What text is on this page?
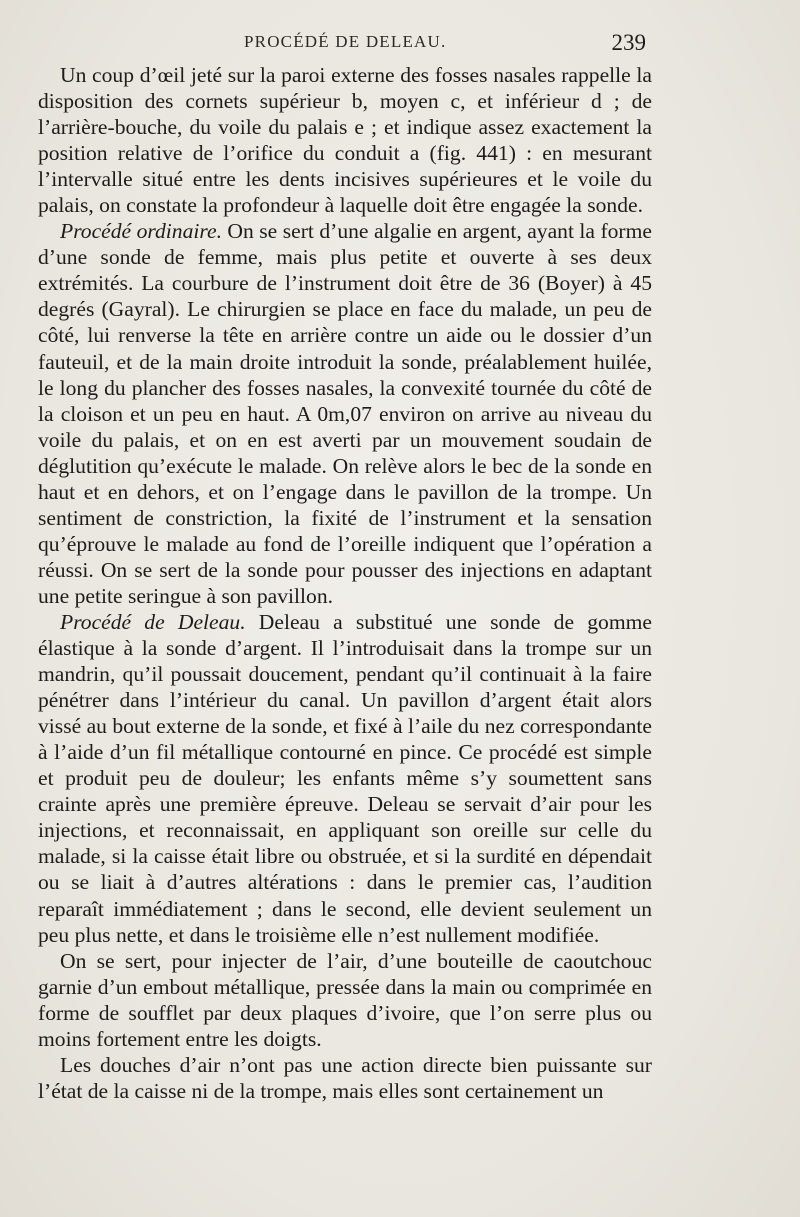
PROCÉDÉ DE DELEAU.	239

Un coup d’œil jeté sur la paroi externe des fosses nasales rappelle la disposition des cornets supérieur b, moyen c, et inférieur d ; de l’arrière-bouche, du voile du palais e ; et indique assez exactement la position relative de l’orifice du conduit a (fig. 441) : en mesurant l’intervalle situé entre les dents incisives supérieures et le voile du palais, on constate la profondeur à laquelle doit être engagée la sonde.

Procédé ordinaire. On se sert d’une algalie en argent, ayant la forme d’une sonde de femme, mais plus petite et ouverte à ses deux extrémités. La courbure de l’instrument doit être de 36 (Boyer) à 45 degrés (Gayral). Le chirurgien se place en face du malade, un peu de côté, lui renverse la tête en arrière contre un aide ou le dossier d’un fauteuil, et de la main droite introduit la sonde, préalablement huilée, le long du plancher des fosses nasales, la convexité tournée du côté de la cloison et un peu en haut. A 0m,07 environ on arrive au niveau du voile du palais, et on en est averti par un mouvement soudain de déglutition qu’exécute le malade. On relève alors le bec de la sonde en haut et en dehors, et on l’engage dans le pavillon de la trompe. Un sentiment de constriction, la fixité de l’instrument et la sensation qu’éprouve le malade au fond de l’oreille indiquent que l’opération a réussi. On se sert de la sonde pour pousser des injections en adaptant une petite seringue à son pavillon.

Procédé de Deleau. Deleau a substitué une sonde de gomme élastique à la sonde d’argent. Il l’introduisait dans la trompe sur un mandrin, qu’il poussait doucement, pendant qu’il continuait à la faire pénétrer dans l’intérieur du canal. Un pavillon d’argent était alors vissé au bout externe de la sonde, et fixé à l’aile du nez correspondante à l’aide d’un fil métallique contourné en pince. Ce procédé est simple et produit peu de douleur; les enfants même s’y soumettent sans crainte après une première épreuve. Deleau se servait d’air pour les injections, et reconnaissait, en appliquant son oreille sur celle du malade, si la caisse était libre ou obstruée, et si la surdité en dépendait ou se liait à d’autres altérations : dans le premier cas, l’audition reparaît immédiatement ; dans le second, elle devient seulement un peu plus nette, et dans le troisième elle n’est nullement modifiée.

On se sert, pour injecter de l’air, d’une bouteille de caoutchouc garnie d’un embout métallique, pressée dans la main ou comprimée en forme de soufflet par deux plaques d’ivoire, que l’on serre plus ou moins fortement entre les doigts.

Les douches d’air n’ont pas une action directe bien puissante sur l’état de la caisse ni de la trompe, mais elles sont certainement un
